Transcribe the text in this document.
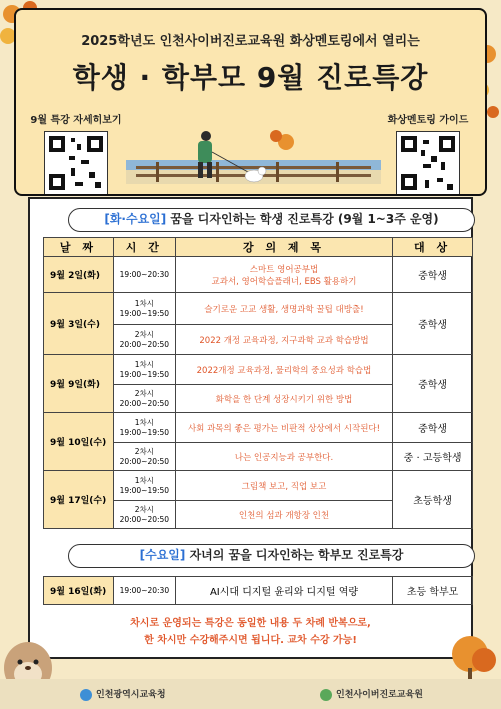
2025학년도 인천사이버진로교육원 화상멘토링에서 열리는
학생 · 학부모 9월 진로특강
9월 특강 자세히보기	화상멘토링 가이드
[화·수요일] 꿈을 디자인하는 학생 진로특강 (9월 1~3주 운영)
날 짜	시 간	강 의 제 목	대 상
9월 2일(화)	19:00~20:30	스마트 영어공부법
교과서, 영어학습플래너, EBS 활용하기	중학생
9월 3일(수)	1차시
19:00~19:50	슬기로운 고교 생활, 생명과학 꿀팁 대방출!	중학생
	2차시
20:00~20:50	2022 개정 교육과정, 지구과학 교과 학습방법	
9월 9일(화)	1차시
19:00~19:50	2022개정 교육과정, 물리학의 중요성과 학습법	중학생
	2차시
20:00~20:50	화학을 한 단계 성장시키기 위한 방법	
9월 10일(수)	1차시
19:00~19:50	사회 과목의 좋은 평가는 비판적 상상에서 시작된다!	중학생
	2차시
20:00~20:50	나는 인공지능과 공부한다.	중 · 고등학생
9월 17일(수)	1차시
19:00~19:50	그림책 보고, 직업 보고	초등학생
	2차시
20:00~20:50	인천의 섬과 개항장 인천	
[수요일] 자녀의 꿈을 디자인하는 학부모 진로특강
9월 16일(화)	19:00~20:30	AI시대 디지털 윤리와 디지털 역량	초등 학부모
차시로 운영되는 특강은 동일한 내용 두 차례 반복으로,
한 차시만 수강해주시면 됩니다. 교차 수강 가능!
인천광역시교육청	인천사이버진로교육원
